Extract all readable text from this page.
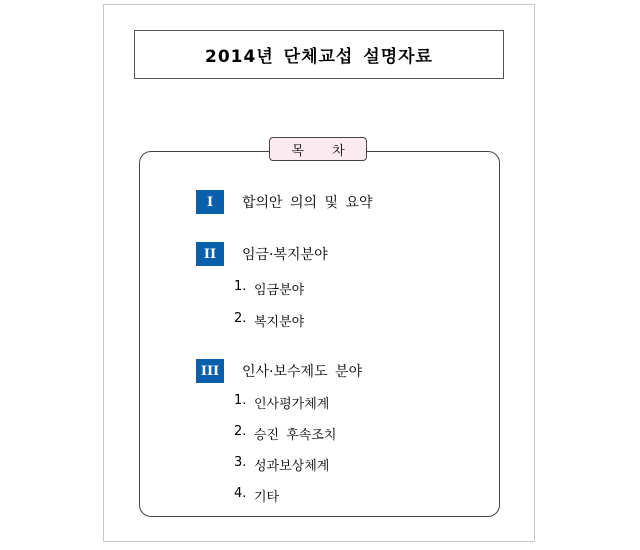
2014년 단체교섭 설명자료
목 차
I	합의안 의의 및 요약
II	임금·복지분야
1. 임금분야
2. 복지분야
III	인사·보수제도 분야
1. 인사평가체계
2. 승진 후속조치
3. 성과보상체계
4. 기타
